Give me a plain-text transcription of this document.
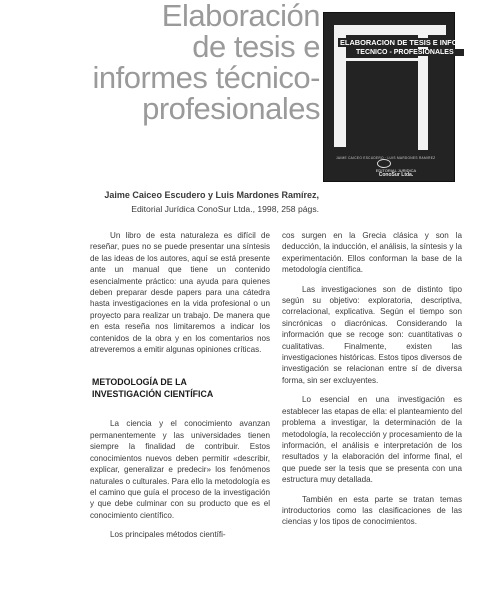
Elaboración
de tesis e
informes técnico-
profesionales
ELABORACION DE TESIS E INFORMES
TECNICO - PROFESIONALES
JAIME CAICEO ESCUDERO · LUIS MARDONES RAMIREZ
EDITORIAL JURIDICA
ConoSur Ltda.
Jaime Caiceo Escudero y Luis Mardones Ramírez,
Editorial Jurídica ConoSur Ltda., 1998, 258 págs.

Un libro de esta naturaleza es difícil de reseñar, pues no se puede presentar una síntesis de las ideas de los autores, aquí se está presente ante un manual que tiene un contenido esencialmente práctico: una ayuda para quienes deben preparar desde papers para una cátedra hasta investigaciones en la vida profesional o un proyecto para realizar un trabajo. De manera que en esta reseña nos limitaremos a indicar los contenidos de la obra y en los comentarios nos atreveremos a emitir algunas opiniones críticas.

METODOLOGÍA DE LA
INVESTIGACIÓN CIENTÍFICA

La ciencia y el conocimiento avanzan permanentemente y las universidades tienen siempre la finalidad de contribuir. Estos conocimientos nuevos deben permitir «describir, explicar, generalizar e predecir» los fenómenos naturales o culturales. Para ello la metodología es el camino que guía el proceso de la investigación y que debe culminar con su producto que es el conocimiento científico.

Los principales métodos científi-

cos surgen en la Grecia clásica y son la deducción, la inducción, el análisis, la síntesis y la experimentación. Ellos conforman la base de la metodología científica.

Las investigaciones son de distinto tipo según su objetivo: exploratoria, descriptiva, correlacional, explicativa. Según el tiempo son sincrónicas o diacrónicas. Considerando la información que se recoge son: cuantitativas o cualitativas. Finalmente, existen las investigaciones históricas. Estos tipos diversos de investigación se relacionan entre sí de diversa forma, sin ser excluyentes.

Lo esencial en una investigación es establecer las etapas de ella: el planteamiento del problema a investigar, la determinación de la metodología, la recolección y procesamiento de la información, el análisis e interpretación de los resultados y la elaboración del informe final, el que puede ser la tesis que se presenta con una estructura muy detallada.

También en esta parte se tratan temas introductorios como las clasificaciones de las ciencias y los tipos de conocimientos.
